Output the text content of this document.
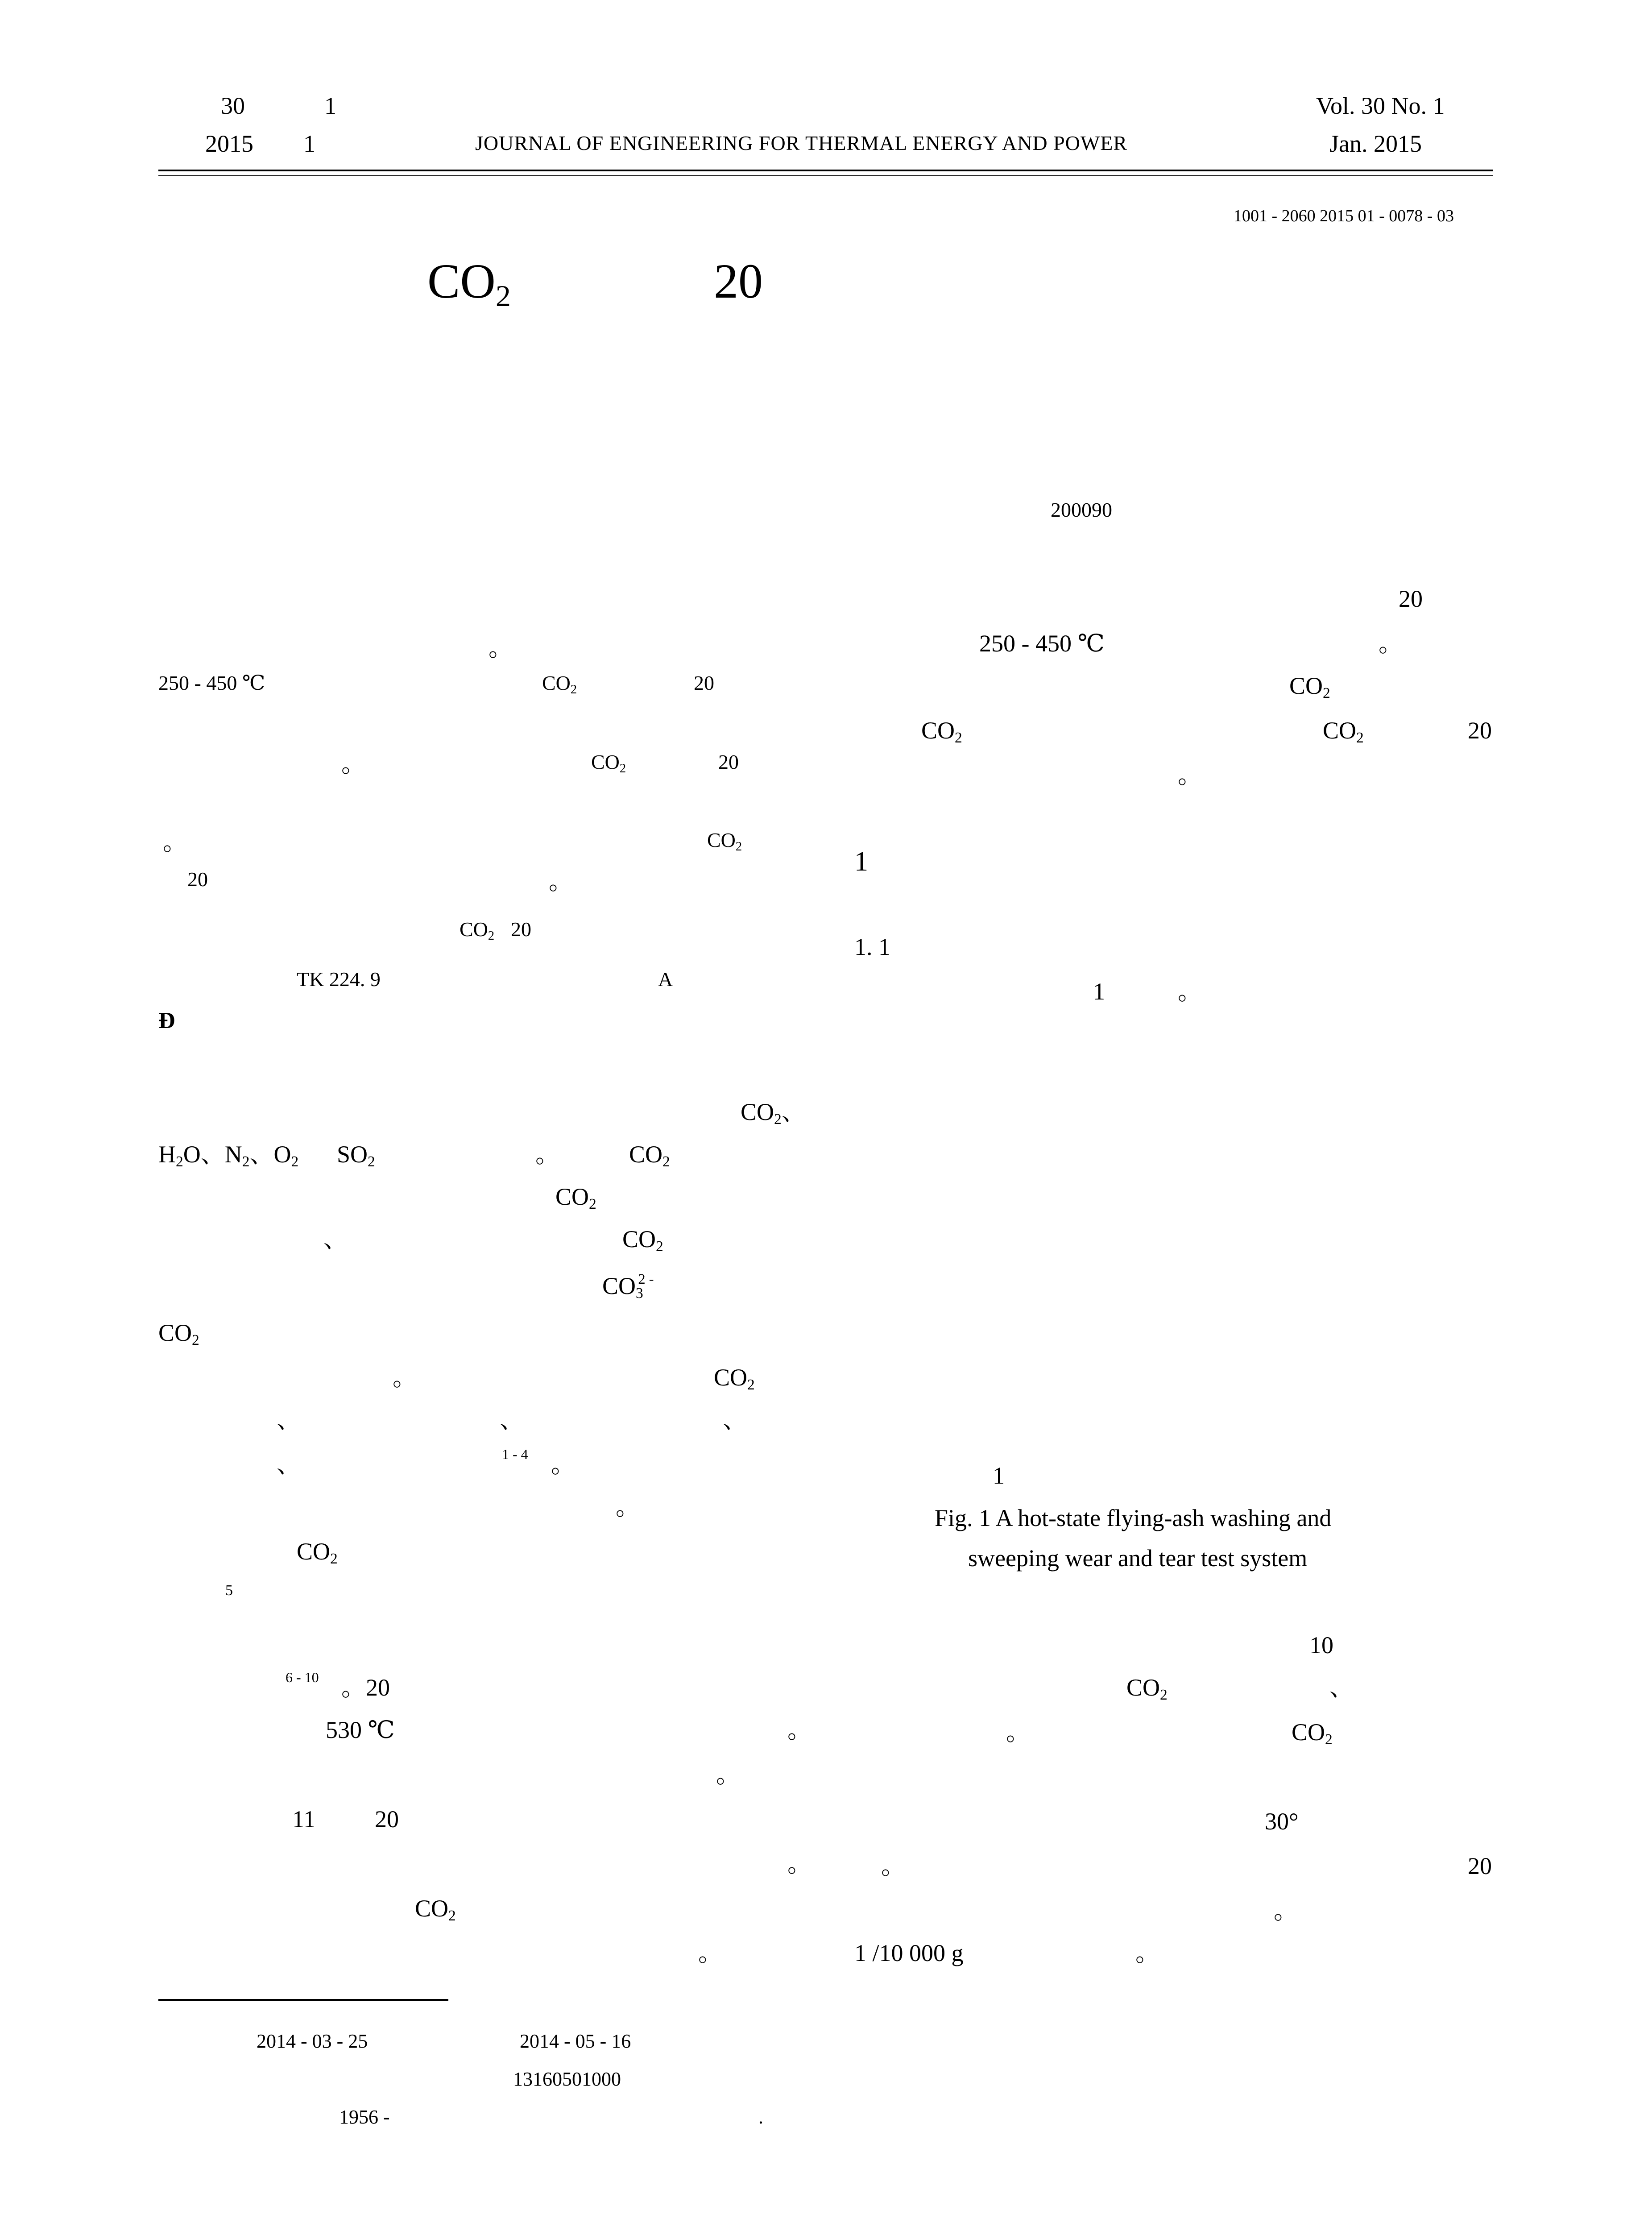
30	1
2015 1	JOURNAL OF ENGINEERING FOR THERMAL ENERGY AND POWER
Vol. 30 No. 1
Jan. 2015
1001 - 2060 2015 01 - 0078 - 03
CO2	20
200090
。
250 - 450 ℃	CO2	20
。	CO2	20
。	CO2
20	。
CO2 20
TK 224. 9	A
Ð
CO2、
H2O、N2、O2 SO2	。	CO2
CO2
、	CO2
$CO3^{2 -}$
CO2
。	CO2
、	、	、
、	1 - 4 。
。
CO2
5
6 - 10 。 20
530 ℃	。
。
11 20
。
CO2
。
20
250 - 450 ℃	。
CO2
CO2	CO2	20
。
1
1. 1
1	。
1
Fig. 1 A hot-state flying-ash washing and
sweeping wear and tear test system
10
CO2	、
。	CO2
30°
。	20
。
1 /10 000 g	。
2014 - 03 - 25	2014 - 05 - 16
13160501000
1956 -	.
